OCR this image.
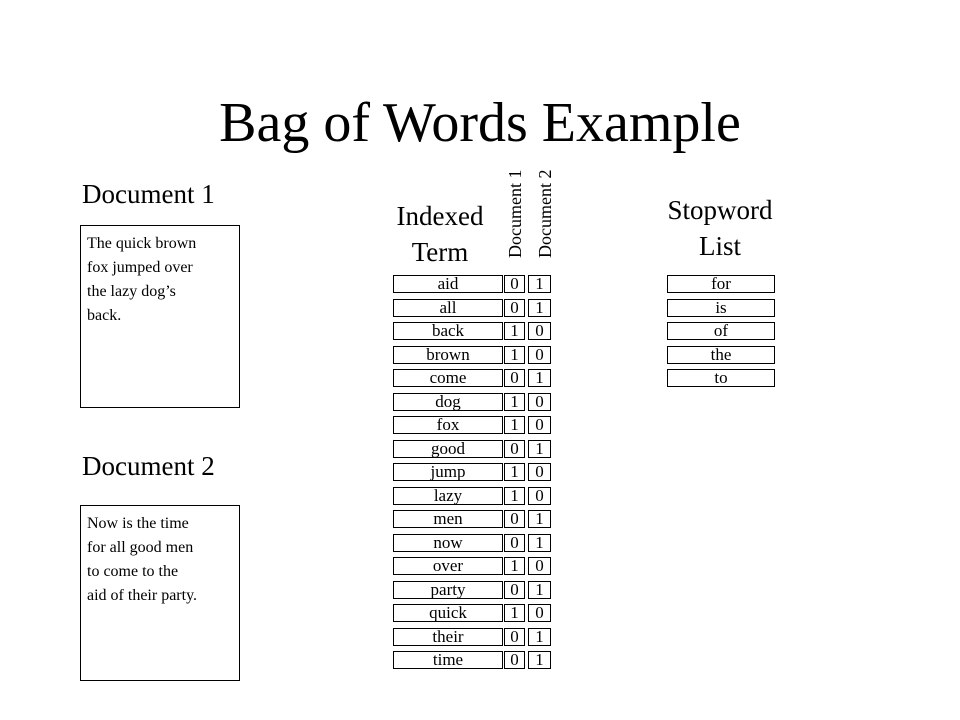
Bag of Words Example
Document 1
The quick brown
fox jumped over
the lazy dog’s
back.
Document 2
Now is the time
for all good men
to come to the
aid of their party.
Indexed
Term	Document 1 Document 2
aid	0 1
all	0 1
back	1 0
brown	1 0
come	0 1
dog	1 0
fox	1 0
good	0 1
jump	1 0
lazy	1 0
men	0 1
now	0 1
over	1 0
party	0 1
quick	1 0
their	0 1
time	0 1
Stopword
List
for
is
of
the
to
